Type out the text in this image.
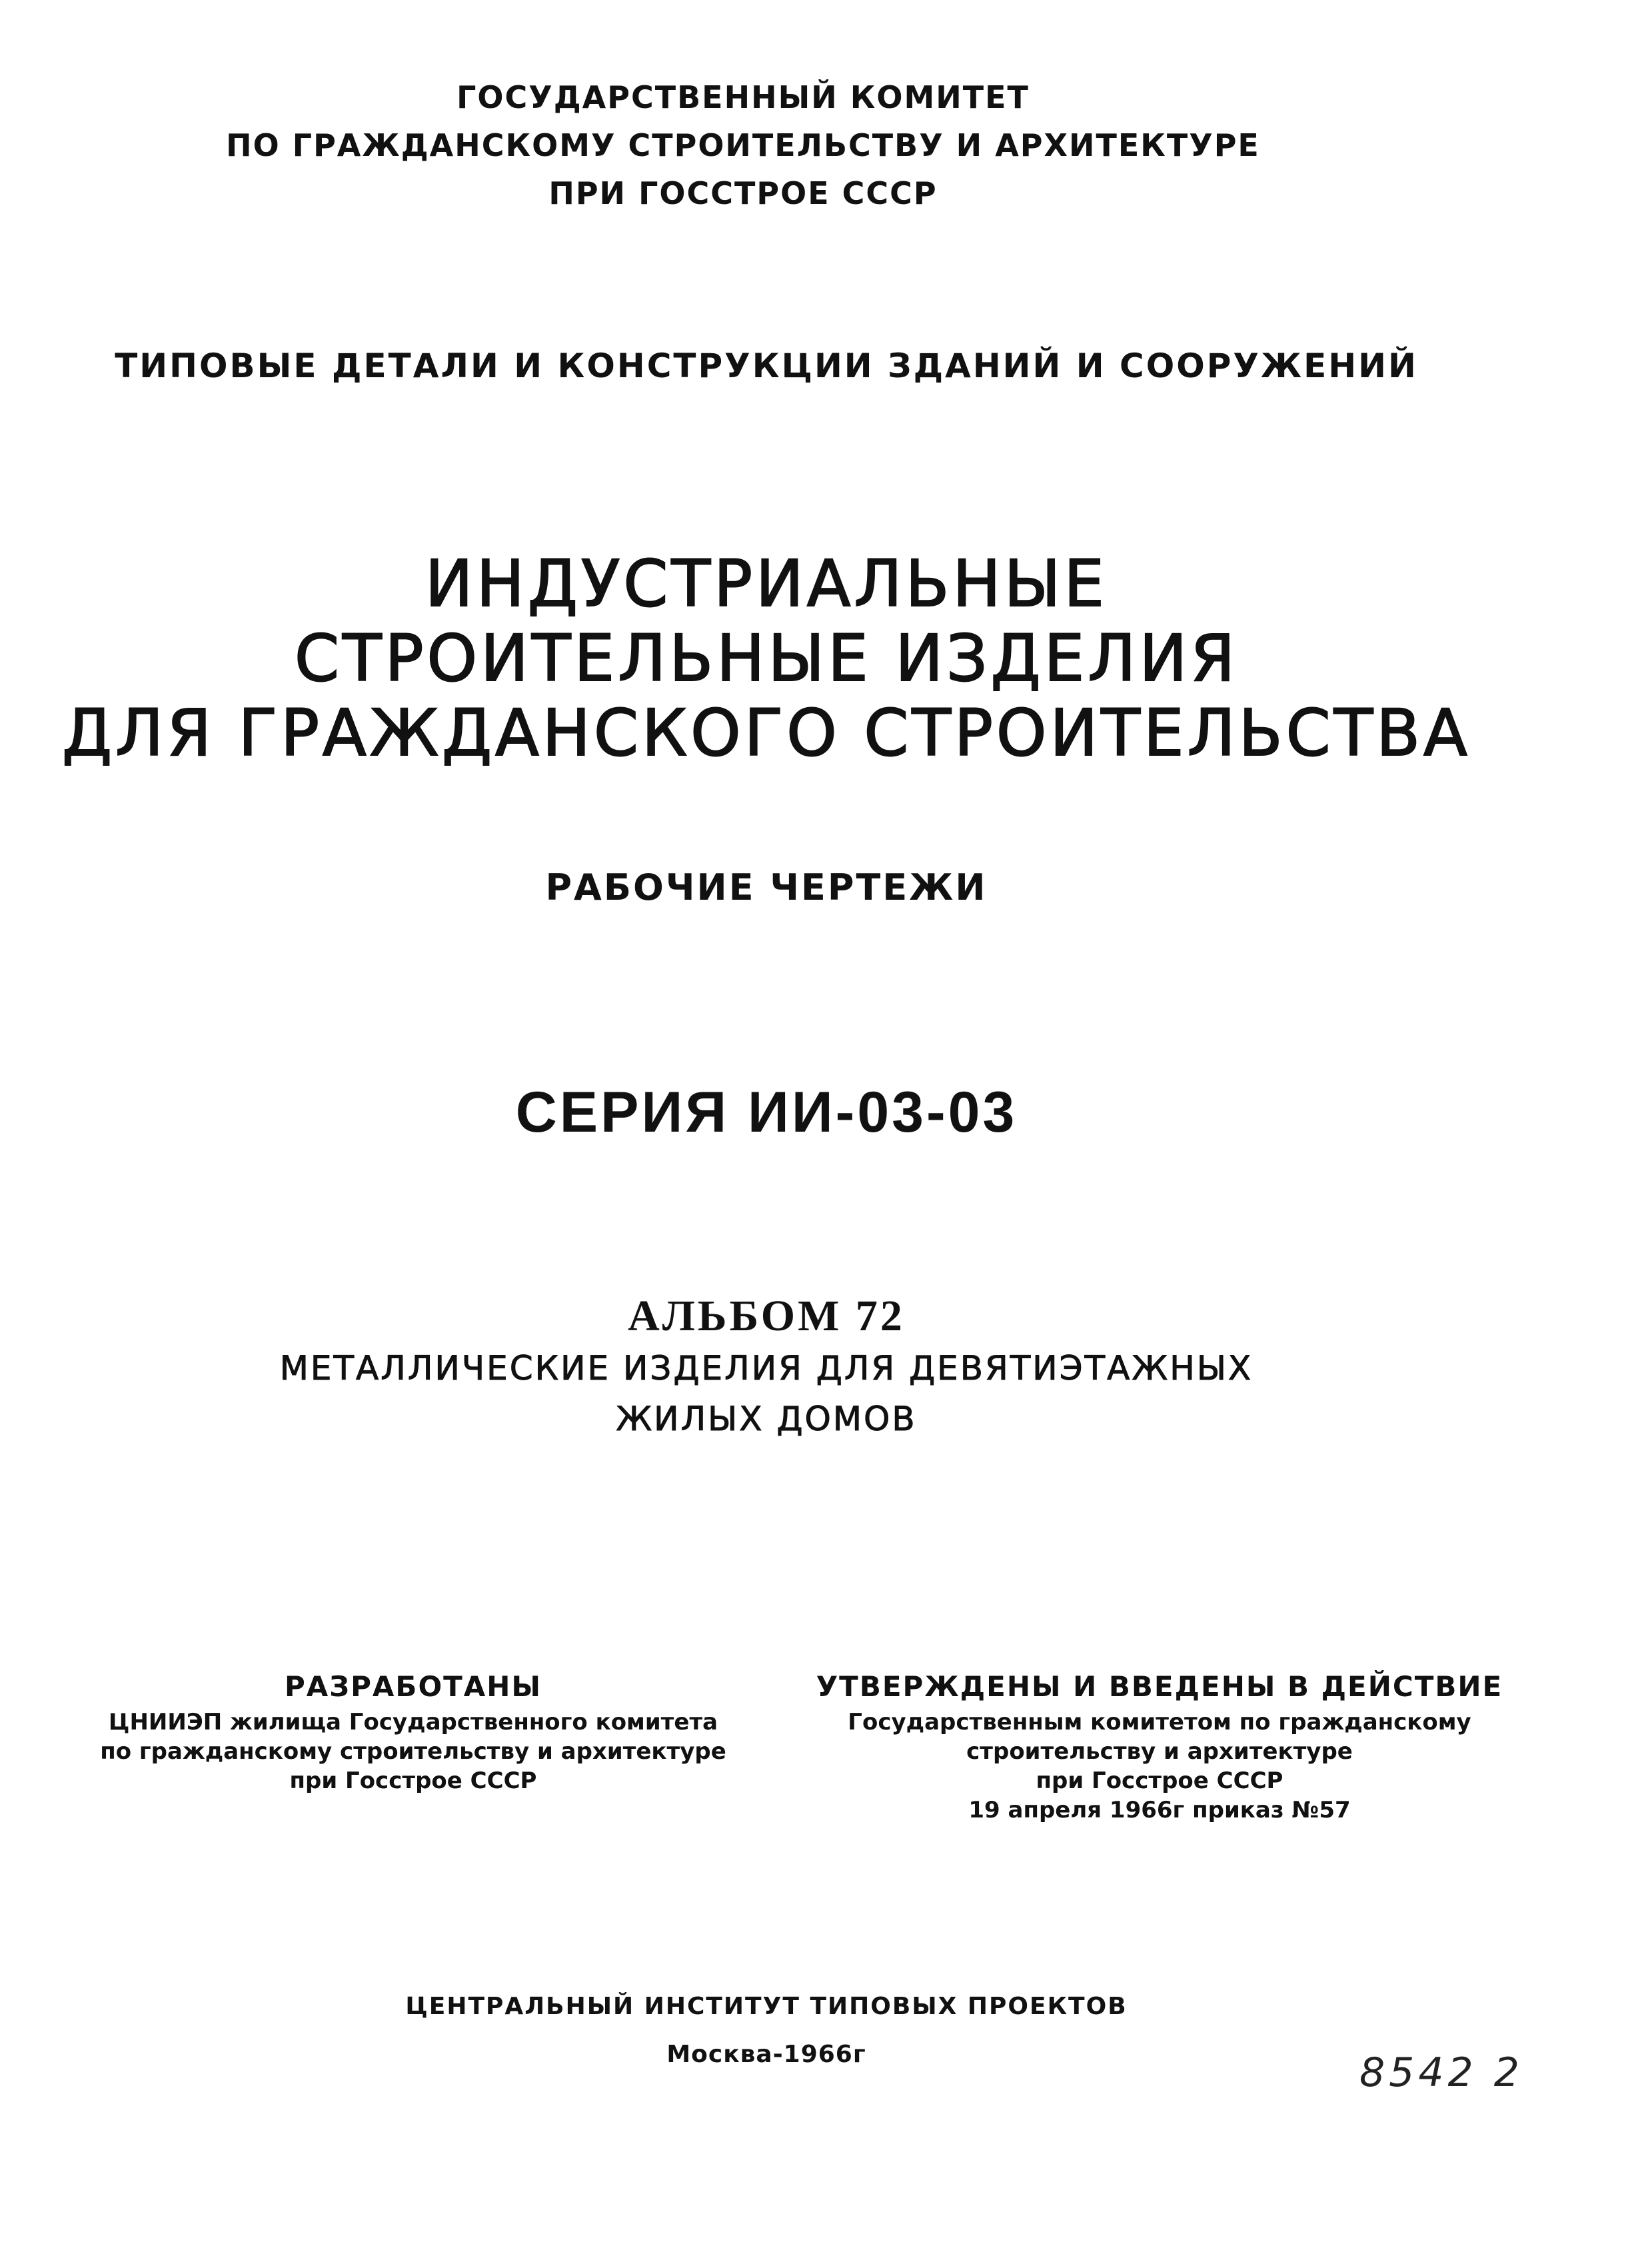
ГОСУДАРСТВЕННЫЙ КОМИТЕТ
ПО ГРАЖДАНСКОМУ СТРОИТЕЛЬСТВУ И АРХИТЕКТУРЕ
ПРИ ГОССТРОЕ СССР
ТИПОВЫЕ ДЕТАЛИ И КОНСТРУКЦИИ ЗДАНИЙ И СООРУЖЕНИЙ
ИНДУСТРИАЛЬНЫЕ
СТРОИТЕЛЬНЫЕ ИЗДЕЛИЯ
ДЛЯ ГРАЖДАНСКОГО СТРОИТЕЛЬСТВА
РАБОЧИЕ ЧЕРТЕЖИ
СЕРИЯ ИИ-03-03
АЛЬБОМ 72
МЕТАЛЛИЧЕСКИЕ ИЗДЕЛИЯ ДЛЯ ДЕВЯТИЭТАЖНЫХ
ЖИЛЫХ ДОМОВ
РАЗРАБОТАНЫ
ЦНИИЭП жилища Государственного комитета
по гражданскому строительству и архитектуре
при Госстрое СССР
УТВЕРЖДЕНЫ И ВВЕДЕНЫ В ДЕЙСТВИЕ
Государственным комитетом по гражданскому
строительству и архитектуре
при Госстрое СССР
19 апреля 1966г приказ №57
ЦЕНТРАЛЬНЫЙ ИНСТИТУТ ТИПОВЫХ ПРОЕКТОВ
Москва-1966г	8542 2
